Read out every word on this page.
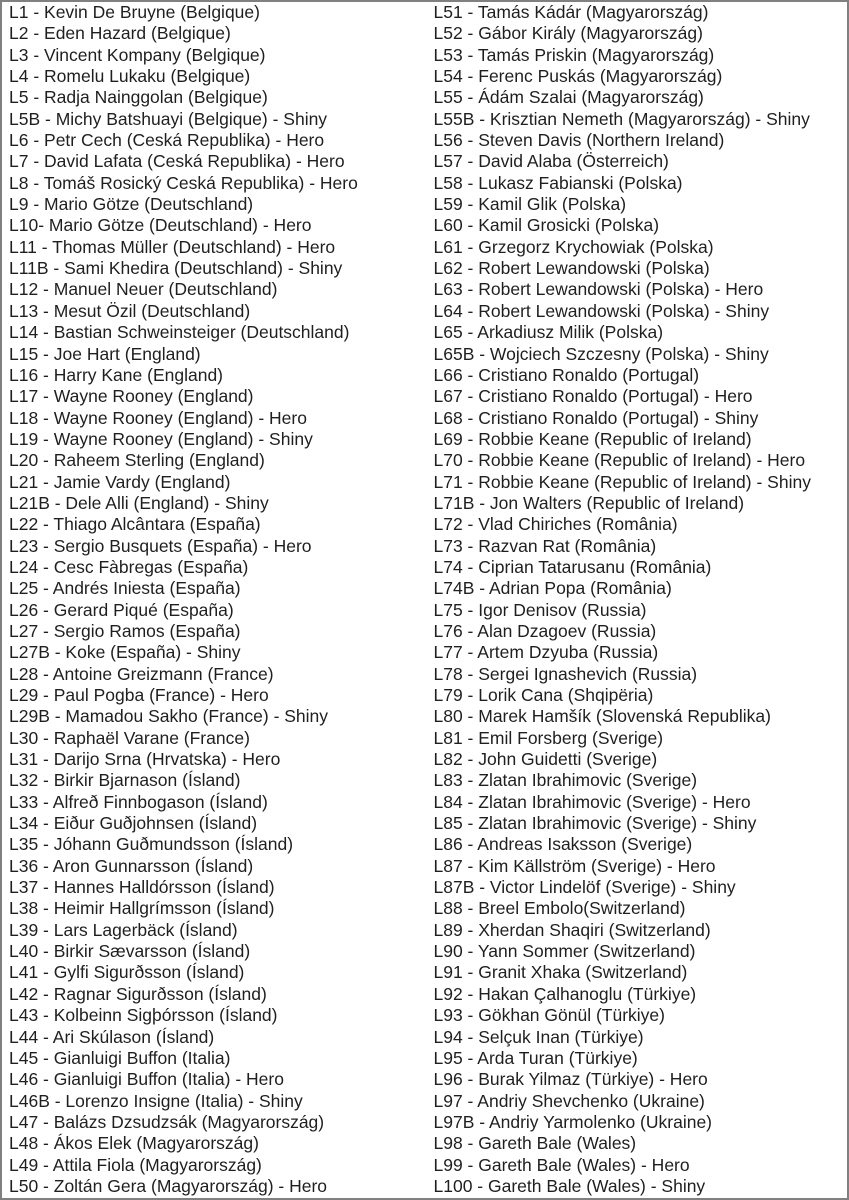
L1 - Kevin De Bruyne (Belgique)
L2 - Eden Hazard (Belgique)
L3 - Vincent Kompany (Belgique)
L4 - Romelu Lukaku (Belgique)
L5 - Radja Nainggolan (Belgique)
L5B - Michy Batshuayi (Belgique) - Shiny
L6 - Petr Cech (Ceská Republika) - Hero
L7 - David Lafata (Ceská Republika) - Hero
L8 - Tomáš Rosický Ceská Republika) - Hero
L9 - Mario Götze (Deutschland)
L10- Mario Götze (Deutschland) - Hero
L11 - Thomas Müller (Deutschland) - Hero
L11B - Sami Khedira (Deutschland) - Shiny
L12 - Manuel Neuer (Deutschland)
L13 - Mesut Özil (Deutschland)
L14 - Bastian Schweinsteiger (Deutschland)
L15 - Joe Hart (England)
L16 - Harry Kane (England)
L17 - Wayne Rooney (England)
L18 - Wayne Rooney (England) - Hero
L19 - Wayne Rooney (England) - Shiny
L20 - Raheem Sterling (England)
L21 - Jamie Vardy (England)
L21B - Dele Alli (England) - Shiny
L22 - Thiago Alcântara (España)
L23 - Sergio Busquets (España) - Hero
L24 - Cesc Fàbregas (España)
L25 - Andrés Iniesta (España)
L26 - Gerard Piqué (España)
L27 - Sergio Ramos (España)
L27B - Koke (España) - Shiny
L28 - Antoine Greizmann (France)
L29 - Paul Pogba (France) - Hero
L29B - Mamadou Sakho (France) - Shiny
L30 - Raphaël Varane (France)
L31 - Darijo Srna (Hrvatska) - Hero
L32 - Birkir Bjarnason (Ísland)
L33 - Alfreð Finnbogason (Ísland)
L34 - Eiður Guðjohnsen (Ísland)
L35 - Jóhann Guðmundsson (Ísland)
L36 - Aron Gunnarsson (Ísland)
L37 - Hannes Halldórsson (Ísland)
L38 - Heimir Hallgrímsson (Ísland)
L39 - Lars Lagerbäck (Ísland)
L40 - Birkir Sævarsson (Ísland)
L41 - Gylfi Sigurðsson (Ísland)
L42 - Ragnar Sigurðsson (Ísland)
L43 - Kolbeinn Sigþórsson (Ísland)
L44 - Ari Skúlason (Ísland)
L45 - Gianluigi Buffon (Italia)
L46 - Gianluigi Buffon (Italia) - Hero
L46B - Lorenzo Insigne (Italia) - Shiny
L47 - Balázs Dzsudzsák (Magyarország)
L48 - Ákos Elek (Magyarország)
L49 - Attila Fiola (Magyarország)
L50 - Zoltán Gera (Magyarország) - Hero
L51 - Tamás Kádár (Magyarország)
L52 - Gábor Király (Magyarország)
L53 - Tamás Priskin (Magyarország)
L54 - Ferenc Puskás (Magyarország)
L55 - Ádám Szalai (Magyarország)
L55B - Krisztian Nemeth (Magyarország) - Shiny
L56 - Steven Davis (Northern Ireland)
L57 - David Alaba (Österreich)
L58 - Lukasz Fabianski (Polska)
L59 - Kamil Glik (Polska)
L60 - Kamil Grosicki (Polska)
L61 - Grzegorz Krychowiak (Polska)
L62 - Robert Lewandowski (Polska)
L63 - Robert Lewandowski (Polska) - Hero
L64 - Robert Lewandowski (Polska) - Shiny
L65 - Arkadiusz Milik (Polska)
L65B - Wojciech Szczesny (Polska) - Shiny
L66 - Cristiano Ronaldo (Portugal)
L67 - Cristiano Ronaldo (Portugal) - Hero
L68 - Cristiano Ronaldo (Portugal) - Shiny
L69 - Robbie Keane (Republic of Ireland)
L70 - Robbie Keane (Republic of Ireland) - Hero
L71 - Robbie Keane (Republic of Ireland) - Shiny
L71B - Jon Walters (Republic of Ireland)
L72 - Vlad Chiriches (România)
L73 - Razvan Rat (România)
L74 - Ciprian Tatarusanu (România)
L74B - Adrian Popa (România)
L75 - Igor Denisov (Russia)
L76 - Alan Dzagoev (Russia)
L77 - Artem Dzyuba (Russia)
L78 - Sergei Ignashevich (Russia)
L79 - Lorik Cana (Shqipëria)
L80 - Marek Hamšík (Slovenská Republika)
L81 - Emil Forsberg (Sverige)
L82 - John Guidetti (Sverige)
L83 - Zlatan Ibrahimovic (Sverige)
L84 - Zlatan Ibrahimovic (Sverige) - Hero
L85 - Zlatan Ibrahimovic (Sverige) - Shiny
L86 - Andreas Isaksson (Sverige)
L87 - Kim Källström (Sverige) - Hero
L87B - Victor Lindelöf (Sverige) - Shiny
L88 - Breel Embolo(Switzerland)
L89 - Xherdan Shaqiri (Switzerland)
L90 - Yann Sommer (Switzerland)
L91 - Granit Xhaka (Switzerland)
L92 - Hakan Çalhanoglu (Türkiye)
L93 - Gökhan Gönül (Türkiye)
L94 - Selçuk Inan (Türkiye)
L95 - Arda Turan (Türkiye)
L96 - Burak Yilmaz (Türkiye) - Hero
L97 - Andriy Shevchenko (Ukraine)
L97B - Andriy Yarmolenko (Ukraine)
L98 - Gareth Bale (Wales)
L99 - Gareth Bale (Wales) - Hero
L100 - Gareth Bale (Wales) - Shiny
